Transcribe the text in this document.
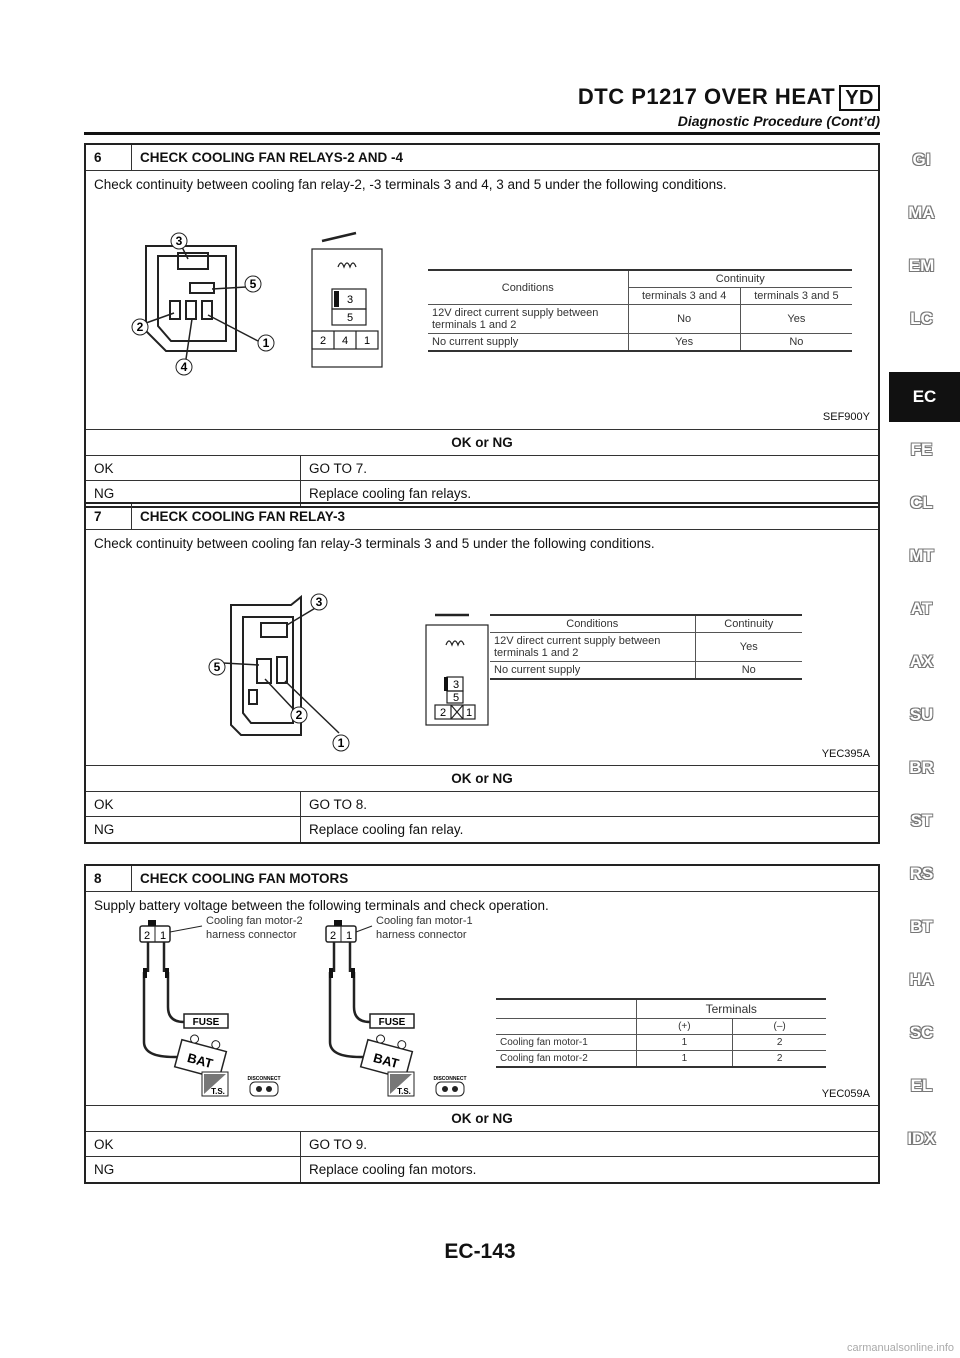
DTC P1217 OVER HEAT YD
Diagnostic Procedure (Cont’d)
6	CHECK COOLING FAN RELAYS-2 AND -4
Check continuity between cooling fan relay-2, -3 terminals 3 and 4, 3 and 5 under the following conditions.
3
5
2
1
4
3
5
2 4 1
Conditions	Continuity	
	terminals 3 and 4	terminals 3 and 5
12V direct current supply between
terminals 1 and 2	No	Yes
No current supply	Yes	No
SEF900Y
OK or NG
OK	GO TO 7.
NG	Replace cooling fan relays.
7	CHECK COOLING FAN RELAY-3
Check continuity between cooling fan relay-3 terminals 3 and 5 under the following conditions.
3
5
2
1
3
5
2 1
Conditions	Continuity
12V direct current supply between
terminals 1 and 2	Yes
No current supply	No
YEC395A
OK or NG
OK	GO TO 8.
NG	Replace cooling fan relay.
8	CHECK COOLING FAN MOTORS
Supply battery voltage between the following terminals and check operation.
2 1
Cooling fan motor-2
harness connector
FUSE
BAT
T.S.
DISCONNECT
2 1
Cooling fan motor-1
harness connector
FUSE
BAT
T.S.
DISCONNECT
	Terminals	
	(+)	(–)
Cooling fan motor-1	1	2
Cooling fan motor-2	1	2
YEC059A
OK or NG
OK	GO TO 9.
NG	Replace cooling fan motors.
GI
MA
EM
LC
EC
FE
CL
MT
AT
AX
SU
BR
ST
RS
BT
HA
SC
EL
IDX
EC-143
carmanualsonline.info
